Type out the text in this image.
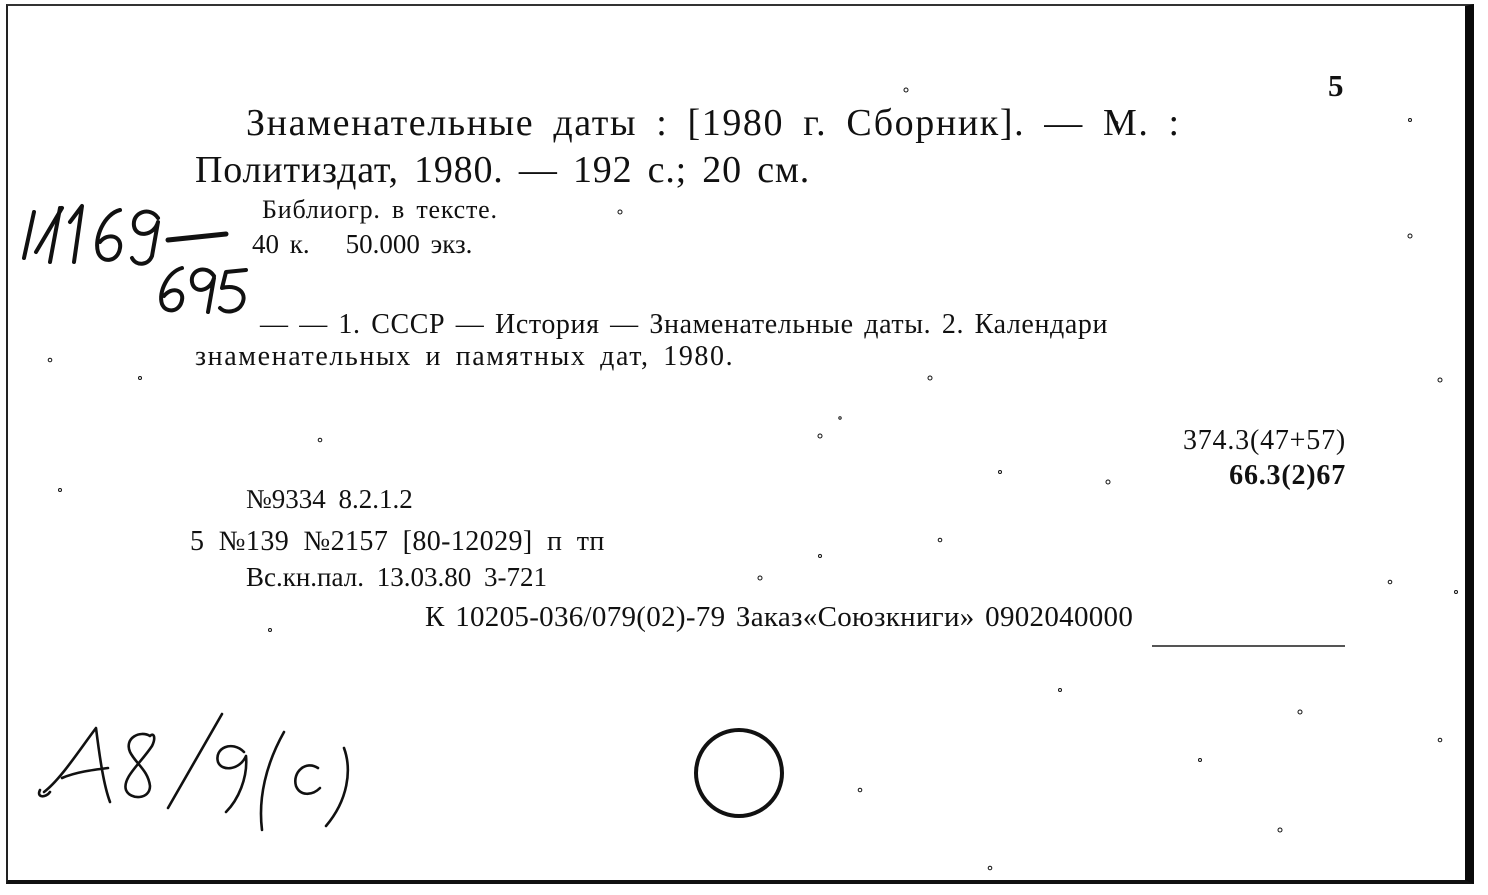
5
Знаменательные даты : [1980 г. Сборник]. — М. :
Политиздат, 1980. — 192 с.; 20 см.
Библиогр. в тексте.
40 к. 50.000 экз.
— — 1. СССР — История — Знаменательные даты. 2. Календари
знаменательных и памятных дат, 1980.
374.3(47+57)
66.3(2)67
№9334 8.2.1.2
5 №139 №2157 [80-12029] п тп
Вс.кн.пал. 13.03.80 3-721
К 10205-036/079(02)-79 Заказ«Союзкниги» 0902040000
